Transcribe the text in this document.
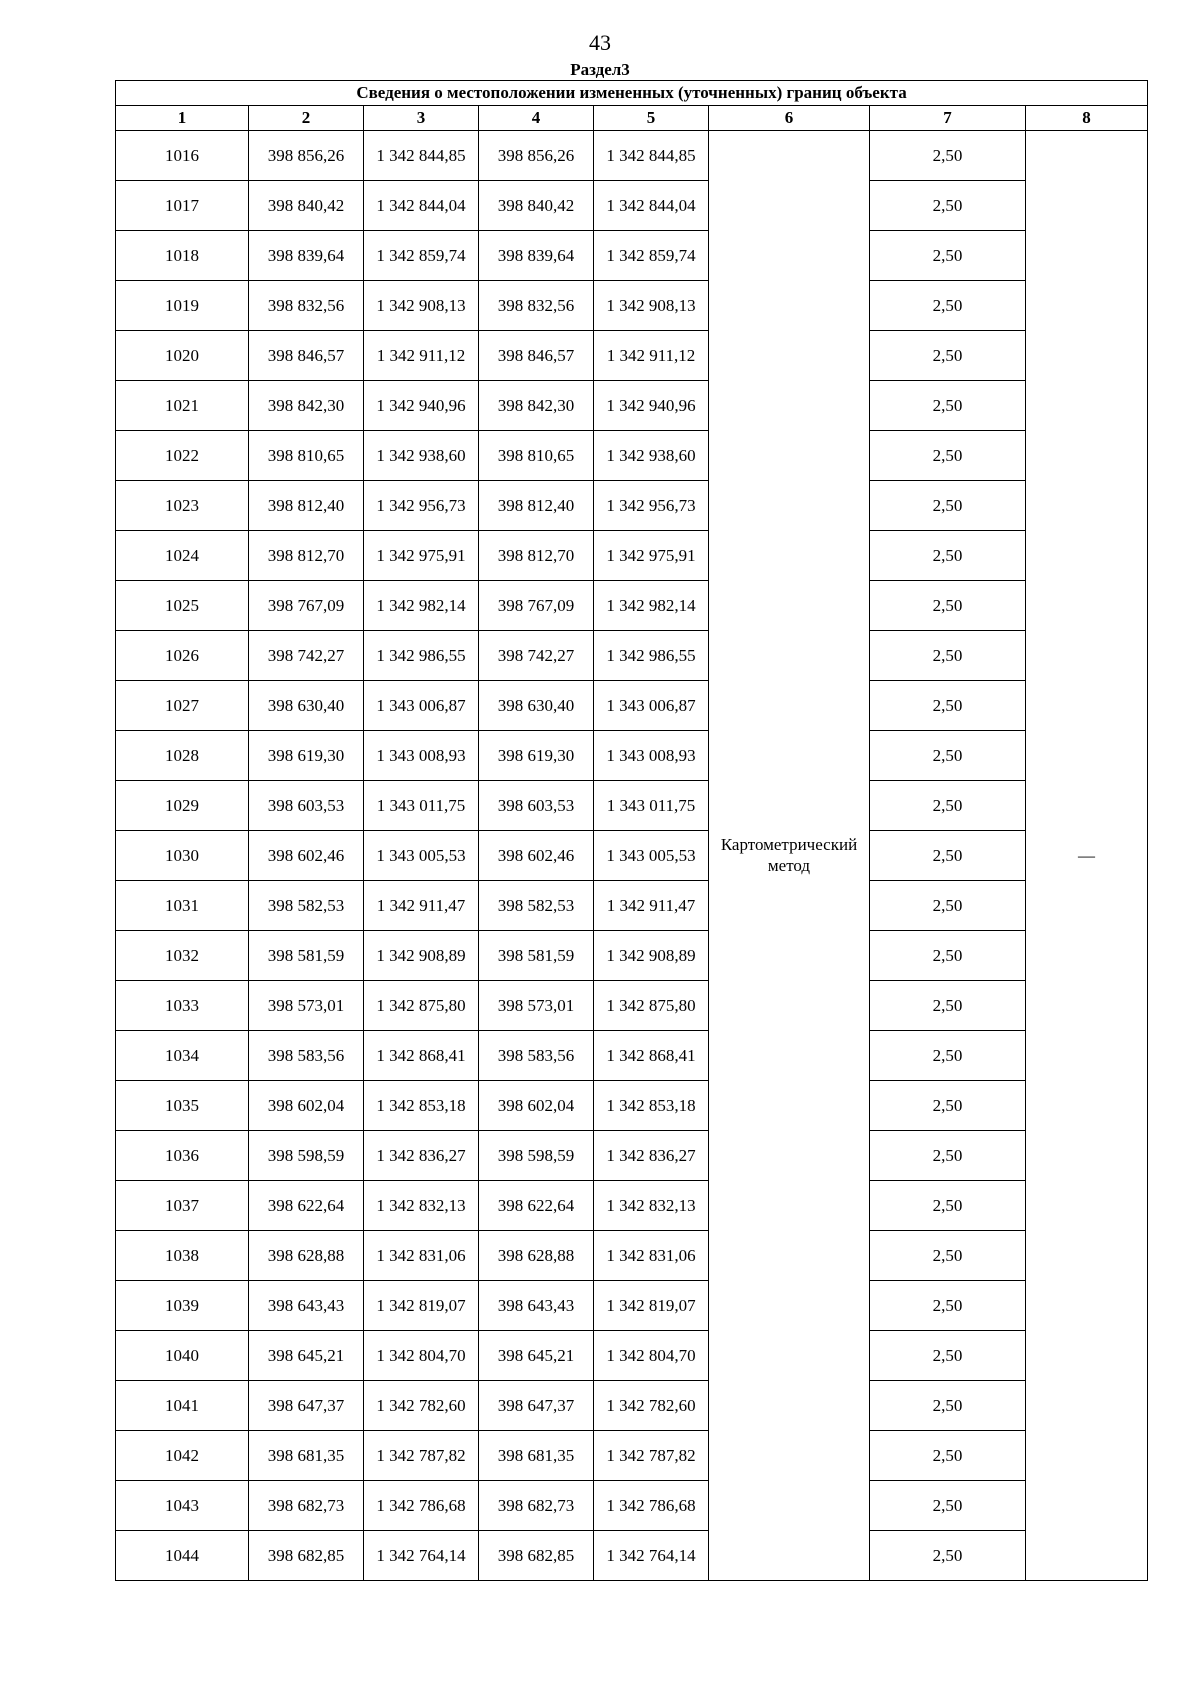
43
Раздел3
Сведения о местоположении измененных (уточненных) границ объекта							
1	2	3	4	5	6	7	8
1016	398 856,26	1 342 844,85	398 856,26	1 342 844,85	Картометрический метод	2,50	—
1017	398 840,42	1 342 844,04	398 840,42	1 342 844,04		2,50	
1018	398 839,64	1 342 859,74	398 839,64	1 342 859,74		2,50	
1019	398 832,56	1 342 908,13	398 832,56	1 342 908,13		2,50	
1020	398 846,57	1 342 911,12	398 846,57	1 342 911,12		2,50	
1021	398 842,30	1 342 940,96	398 842,30	1 342 940,96		2,50	
1022	398 810,65	1 342 938,60	398 810,65	1 342 938,60		2,50	
1023	398 812,40	1 342 956,73	398 812,40	1 342 956,73		2,50	
1024	398 812,70	1 342 975,91	398 812,70	1 342 975,91		2,50	
1025	398 767,09	1 342 982,14	398 767,09	1 342 982,14		2,50	
1026	398 742,27	1 342 986,55	398 742,27	1 342 986,55		2,50	
1027	398 630,40	1 343 006,87	398 630,40	1 343 006,87		2,50	
1028	398 619,30	1 343 008,93	398 619,30	1 343 008,93		2,50	
1029	398 603,53	1 343 011,75	398 603,53	1 343 011,75		2,50	
1030	398 602,46	1 343 005,53	398 602,46	1 343 005,53		2,50	
1031	398 582,53	1 342 911,47	398 582,53	1 342 911,47		2,50	
1032	398 581,59	1 342 908,89	398 581,59	1 342 908,89		2,50	
1033	398 573,01	1 342 875,80	398 573,01	1 342 875,80		2,50	
1034	398 583,56	1 342 868,41	398 583,56	1 342 868,41		2,50	
1035	398 602,04	1 342 853,18	398 602,04	1 342 853,18		2,50	
1036	398 598,59	1 342 836,27	398 598,59	1 342 836,27		2,50	
1037	398 622,64	1 342 832,13	398 622,64	1 342 832,13		2,50	
1038	398 628,88	1 342 831,06	398 628,88	1 342 831,06		2,50	
1039	398 643,43	1 342 819,07	398 643,43	1 342 819,07		2,50	
1040	398 645,21	1 342 804,70	398 645,21	1 342 804,70		2,50	
1041	398 647,37	1 342 782,60	398 647,37	1 342 782,60		2,50	
1042	398 681,35	1 342 787,82	398 681,35	1 342 787,82		2,50	
1043	398 682,73	1 342 786,68	398 682,73	1 342 786,68		2,50	
1044	398 682,85	1 342 764,14	398 682,85	1 342 764,14		2,50	
